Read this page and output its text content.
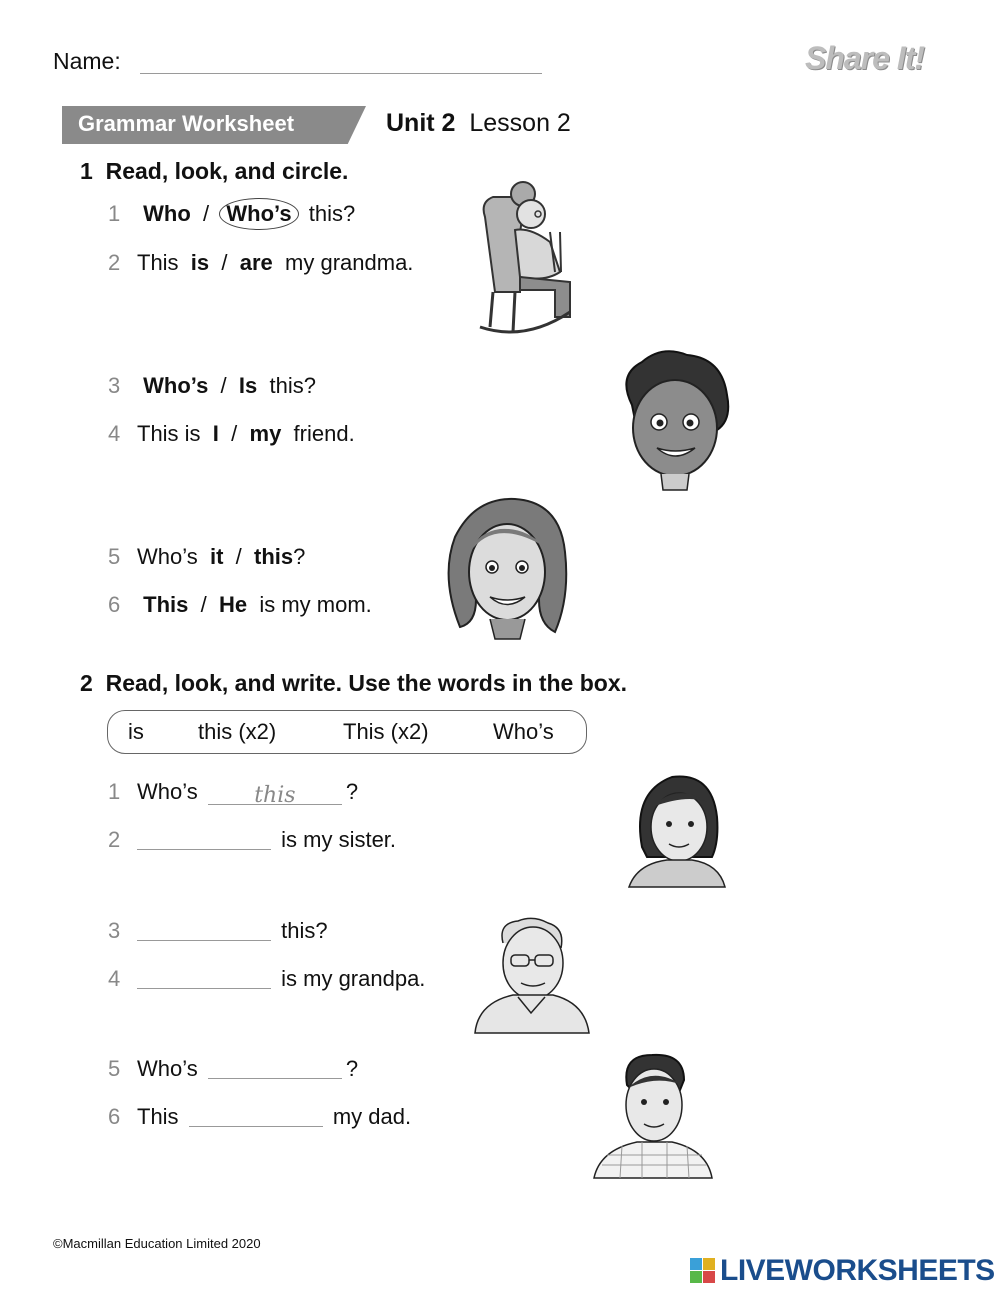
Name:	Share It!
Grammar Worksheet	Unit 2 Lesson 2
1 Read, look, and circle.
1 Who / Who’s this?
2 This is / are my grandma.
3 Who’s / Is this?
4 This is I / my friend.
5 Who’s it / this?
6 This / He is my mom.
2 Read, look, and write. Use the words in the box.
is this (x2)	This (x2)	Who’s
1 Who’s	this ?
2	is my sister.
3	this?
4	is my grandpa.
5 Who’s	?
6 This	my dad.
©Macmillan Education Limited 2020
LIVEWORKSHEETS
